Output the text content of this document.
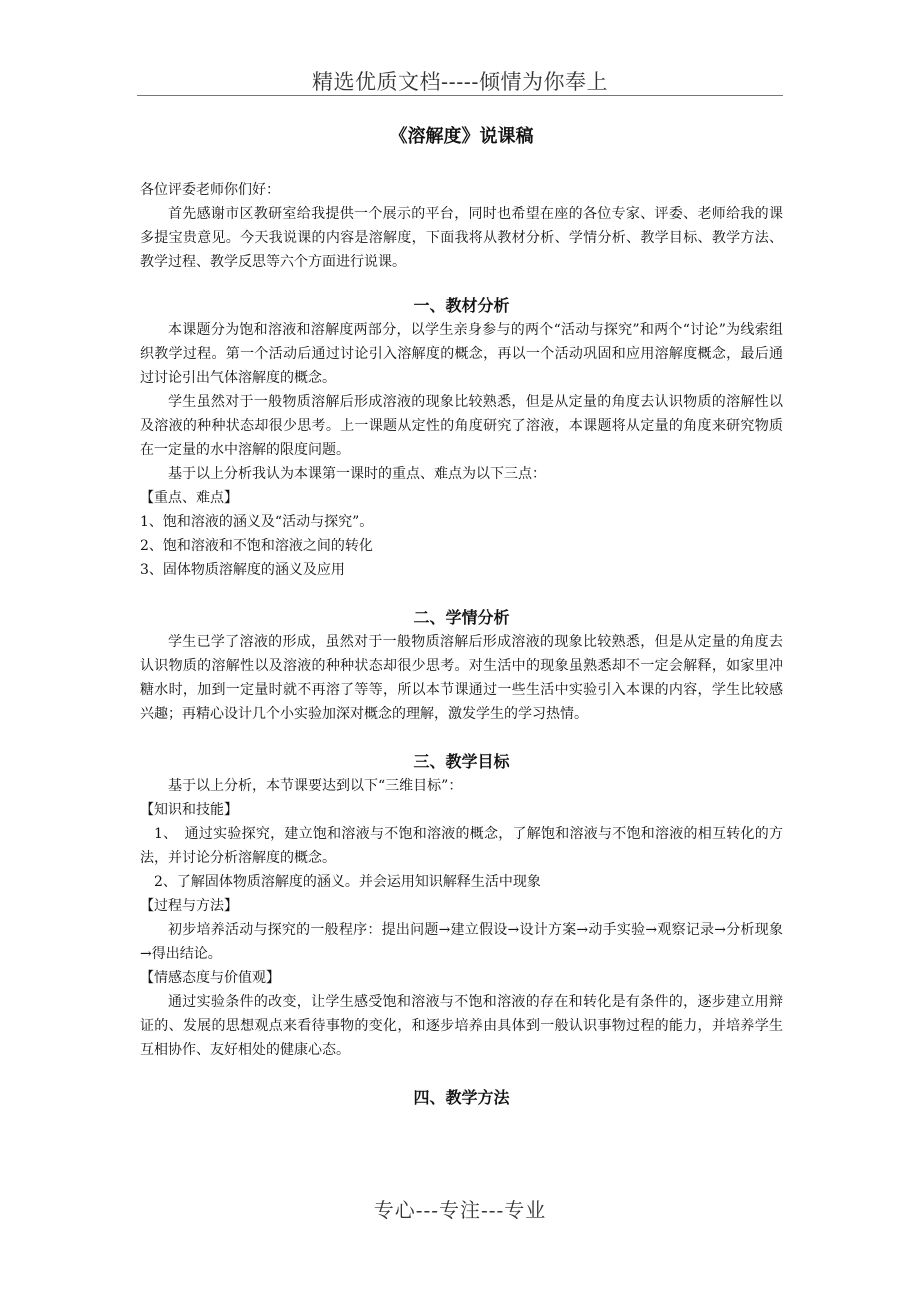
精选优质文档-----倾情为你奉上
《溶解度》说课稿

各位评委老师你们好：

首先感谢市区教研室给我提供一个展示的平台，同时也希望在座的各位专家、评委、老师给我的课多提宝贵意见。今天我说课的内容是溶解度，下面我将从教材分析、学情分析、教学目标、教学方法、教学过程、教学反思等六个方面进行说课。

一、教材分析

本课题分为饱和溶液和溶解度两部分，以学生亲身参与的两个“活动与探究”和两个“讨论”为线索组织教学过程。第一个活动后通过讨论引入溶解度的概念，再以一个活动巩固和应用溶解度概念，最后通过讨论引出气体溶解度的概念。

学生虽然对于一般物质溶解后形成溶液的现象比较熟悉，但是从定量的角度去认识物质的溶解性以及溶液的种种状态却很少思考。上一课题从定性的角度研究了溶液，本课题将从定量的角度来研究物质在一定量的水中溶解的限度问题。

基于以上分析我认为本课第一课时的重点、难点为以下三点：

【重点、难点】

1、饱和溶液的涵义及“活动与探究”。

2、饱和溶液和不饱和溶液之间的转化

3、固体物质溶解度的涵义及应用

二、学情分析

学生已学了溶液的形成，虽然对于一般物质溶解后形成溶液的现象比较熟悉，但是从定量的角度去认识物质的溶解性以及溶液的种种状态却很少思考。对生活中的现象虽熟悉却不一定会解释，如家里冲糖水时，加到一定量时就不再溶了等等，所以本节课通过一些生活中实验引入本课的内容，学生比较感兴趣；再精心设计几个小实验加深对概念的理解，激发学生的学习热情。

三、教学目标

基于以上分析，本节课要达到以下“三维目标”：

【知识和技能】

1、　通过实验探究，建立饱和溶液与不饱和溶液的概念，了解饱和溶液与不饱和溶液的相互转化的方法，并讨论分析溶解度的概念。

2、了解固体物质溶解度的涵义。并会运用知识解释生活中现象

【过程与方法】

初步培养活动与探究的一般程序：提出问题→建立假设→设计方案→动手实验→观察记录→分析现象→得出结论。

【情感态度与价值观】

通过实验条件的改变，让学生感受饱和溶液与不饱和溶液的存在和转化是有条件的，逐步建立用辩证的、发展的思想观点来看待事物的变化，和逐步培养由具体到一般认识事物过程的能力，并培养学生互相协作、友好相处的健康心态。

四、教学方法
专心---专注---专业
